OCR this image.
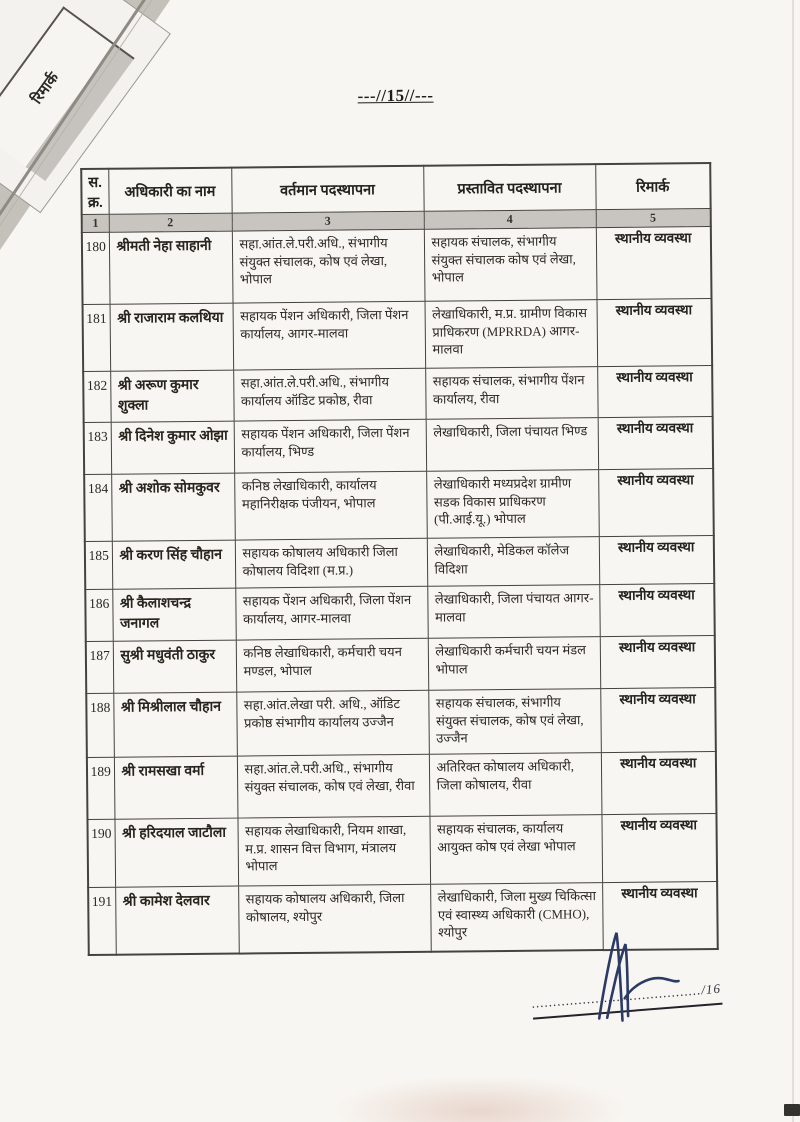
रिमार्क	---//15//---
स. क्र.	अधिकारी का नाम	वर्तमान पदस्थापना	प्रस्तावित पदस्थापना	रिमार्क
1	2	3	4	5
180	श्रीमती नेहा साहानी	सहा.आंत.ले.परी.अधि., संभागीय संयुक्त संचालक, कोष एवं लेखा, भोपाल	सहायक संचालक, संभागीय संयुक्त संचालक कोष एवं लेखा, भोपाल	स्थानीय व्यवस्था
181	श्री राजाराम कलथिया	सहायक पेंशन अधिकारी, जिला पेंशन कार्यालय, आगर-मालवा	लेखाधिकारी, म.प्र. ग्रामीण विकास प्राधिकरण (MPRRDA) आगर-मालवा	स्थानीय व्यवस्था
182	श्री अरूण कुमार शुक्ला	सहा.आंत.ले.परी.अधि., संभागीय कार्यालय ऑडिट प्रकोष्ठ, रीवा	सहायक संचालक, संभागीय पेंशन कार्यालय, रीवा	स्थानीय व्यवस्था
183	श्री दिनेश कुमार ओझा	सहायक पेंशन अधिकारी, जिला पेंशन कार्यालय, भिण्ड	लेखाधिकारी, जिला पंचायत भिण्ड	स्थानीय व्यवस्था
184	श्री अशोक सोमकुवर	कनिष्ठ लेखाधिकारी, कार्यालय महानिरीक्षक पंजीयन, भोपाल	लेखाधिकारी मध्यप्रदेश ग्रामीण सडक विकास प्राधिकरण (पी.आई.यू.) भोपाल	स्थानीय व्यवस्था
185	श्री करण सिंह चौहान	सहायक कोषालय अधिकारी जिला कोषालय विदिशा (म.प्र.)	लेखाधिकारी, मेडिकल कॉलेज विदिशा	स्थानीय व्यवस्था
186	श्री कैलाशचन्द्र जनागल	सहायक पेंशन अधिकारी, जिला पेंशन कार्यालय, आगर-मालवा	लेखाधिकारी, जिला पंचायत आगर-मालवा	स्थानीय व्यवस्था
187	सुश्री मधुवंती ठाकुर	कनिष्ठ लेखाधिकारी, कर्मचारी चयन मण्डल, भोपाल	लेखाधिकारी कर्मचारी चयन मंडल भोपाल	स्थानीय व्यवस्था
188	श्री मिश्रीलाल चौहान	सहा.आंत.लेखा परी. अधि., ऑडिट प्रकोष्ठ संभागीय कार्यालय उज्जैन	सहायक संचालक, संभागीय संयुक्त संचालक, कोष एवं लेखा, उज्जैन	स्थानीय व्यवस्था
189	श्री रामसखा वर्मा	सहा.आंत.ले.परी.अधि., संभागीय संयुक्त संचालक, कोष एवं लेखा, रीवा	अतिरिक्त कोषालय अधिकारी, जिला कोषालय, रीवा	स्थानीय व्यवस्था
190	श्री हरिदयाल जाटौला	सहायक लेखाधिकारी, नियम शाखा, म.प्र. शासन वित्त विभाग, मंत्रालय भोपाल	सहायक संचालक, कार्यालय आयुक्त कोष एवं लेखा भोपाल	स्थानीय व्यवस्था
191	श्री कामेश देलवार	सहायक कोषालय अधिकारी, जिला कोषालय, श्योपुर	लेखाधिकारी, जिला मुख्य चिकित्सा एवं स्वास्थ्य अधिकारी (CMHO), श्योपुर	स्थानीय व्यवस्था
......................................../16
